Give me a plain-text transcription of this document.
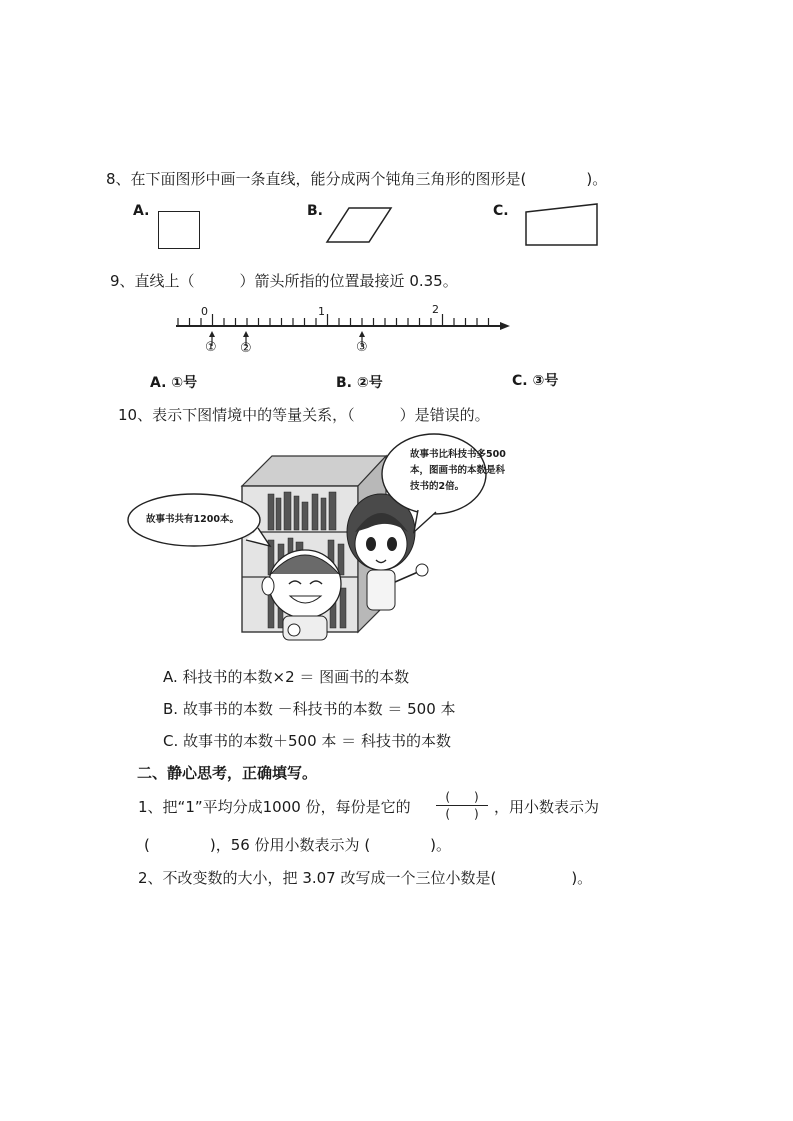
8、在下面图形中画一条直线，能分成两个钝角三角形的图形是(　　　　)。
A.	B.	C.
9、直线上（　　　）箭头所指的位置最接近 0.35。
0	1	2
① ②	③
A. ①号	B. ②号	C. ③号
10、表示下图情境中的等量关系，（　　　）是错误的。
故事书共有1200本。
故事书比科技书多500
本，图画书的本数是科
技书的2倍。
A. 科技书的本数×2 ＝ 图画书的本数
B. 故事书的本数 －科技书的本数 ＝ 500 本
C. 故事书的本数＋500 本 ＝ 科技书的本数
二、静心思考，正确填写。
1、把“1”平均分成1000 份，每份是它的
(　　)
(　　)	，用小数表示为
(　　　　)，56 份用小数表示为 (　　　　)。
2、不改变数的大小，把 3.07 改写成一个三位小数是(　　　　　)。
